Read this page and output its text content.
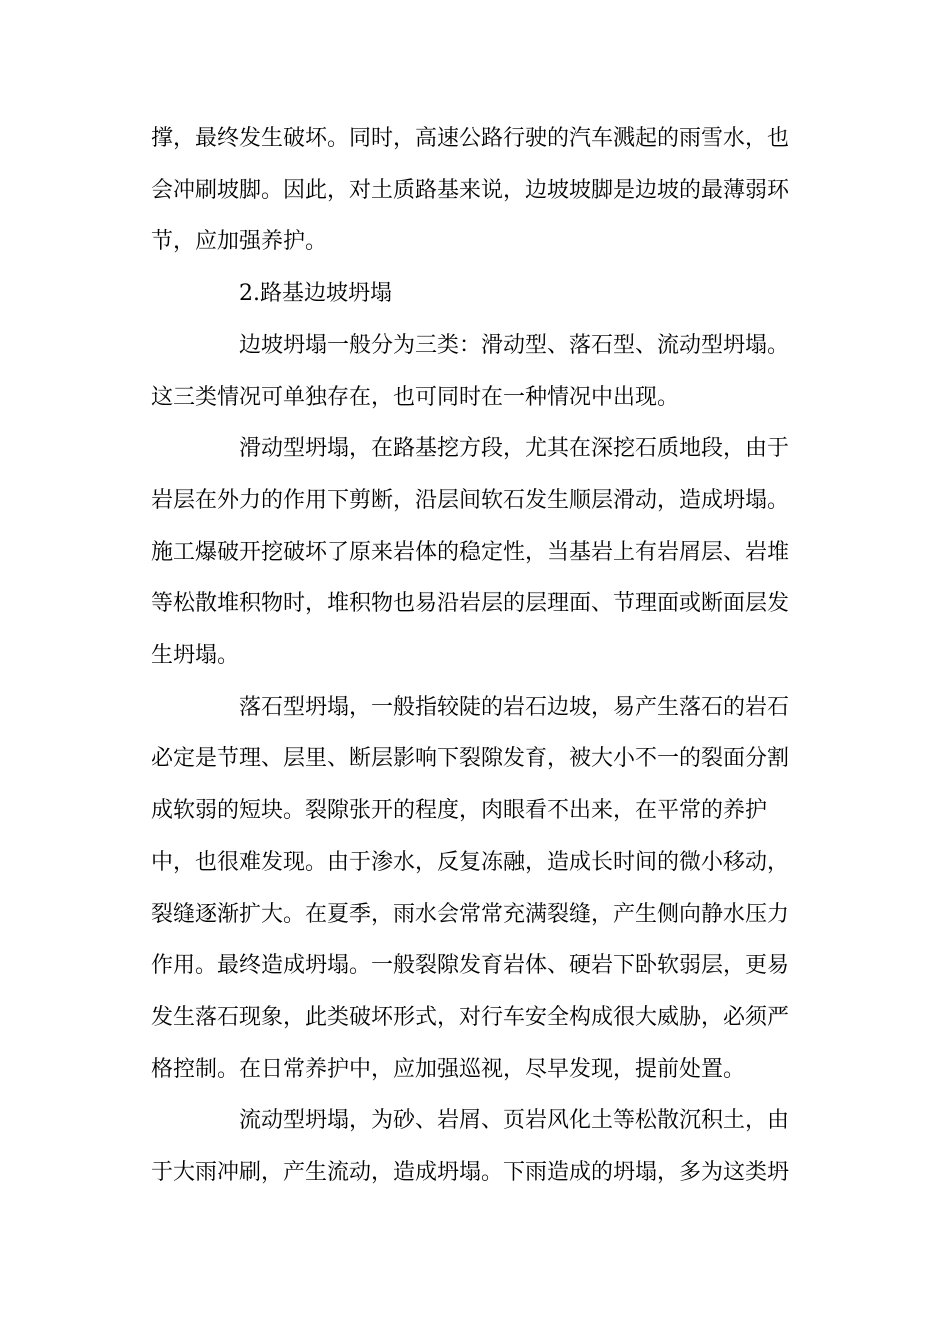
撑，最终发生破坏。同时，高速公路行驶的汽车溅起的雨雪水，也

会冲刷坡脚。因此，对土质路基来说，边坡坡脚是边坡的最薄弱环

节，应加强养护。

2.路基边坡坍塌

边坡坍塌一般分为三类：滑动型、落石型、流动型坍塌。

这三类情况可单独存在，也可同时在一种情况中出现。

滑动型坍塌，在路基挖方段，尤其在深挖石质地段，由于

岩层在外力的作用下剪断，沿层间软石发生顺层滑动，造成坍塌。

施工爆破开挖破坏了原来岩体的稳定性，当基岩上有岩屑层、岩堆

等松散堆积物时，堆积物也易沿岩层的层理面、节理面或断面层发

生坍塌。

落石型坍塌，一般指较陡的岩石边坡，易产生落石的岩石

必定是节理、层里、断层影响下裂隙发育，被大小不一的裂面分割

成软弱的短块。裂隙张开的程度，肉眼看不出来，在平常的养护

中，也很难发现。由于渗水，反复冻融，造成长时间的微小移动，

裂缝逐渐扩大。在夏季，雨水会常常充满裂缝，产生侧向静水压力

作用。最终造成坍塌。一般裂隙发育岩体、硬岩下卧软弱层，更易

发生落石现象，此类破坏形式，对行车安全构成很大威胁，必须严

格控制。在日常养护中，应加强巡视，尽早发现，提前处置。

流动型坍塌，为砂、岩屑、页岩风化土等松散沉积土，由

于大雨冲刷，产生流动，造成坍塌。下雨造成的坍塌，多为这类坍
